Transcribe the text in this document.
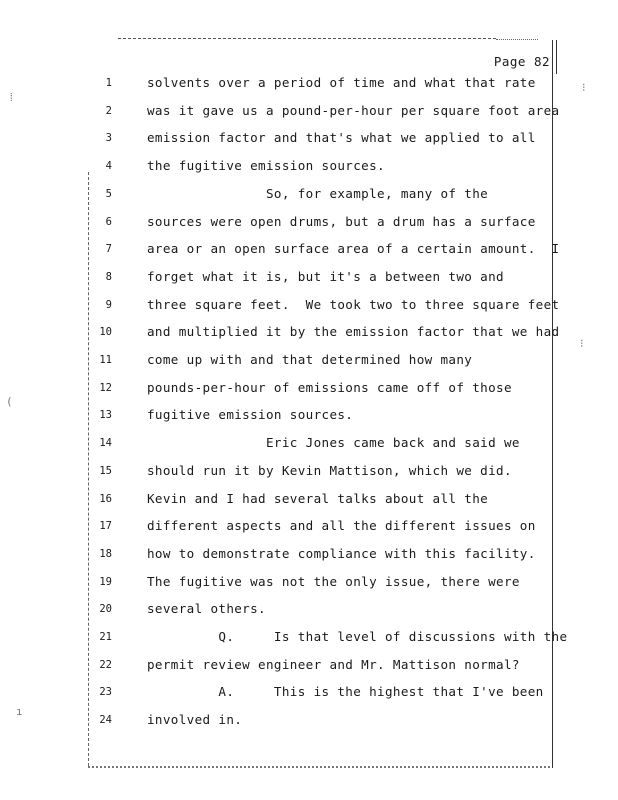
⁞
(
ı
⁝
⁝
Page 82
1	solvents over a period of time and what that rate
2	was it gave us a pound-per-hour per square foot area
3	emission factor and that's what we applied to all
4	the fugitive emission sources.
5	So, for example, many of the
6	sources were open drums, but a drum has a surface
7	area or an open surface area of a certain amount.  I
8	forget what it is, but it's a between two and
9	three square feet.  We took two to three square feet
10	and multiplied it by the emission factor that we had
11	come up with and that determined how many
12	pounds-per-hour of emissions came off of those
13	fugitive emission sources.
14	Eric Jones came back and said we
15	should run it by Kevin Mattison, which we did.
16	Kevin and I had several talks about all the
17	different aspects and all the different issues on
18	how to demonstrate compliance with this facility.
19	The fugitive was not the only issue, there were
20	several others.
21	Q.     Is that level of discussions with the
22	permit review engineer and Mr. Mattison normal?
23	A.     This is the highest that I've been
24	involved in.
